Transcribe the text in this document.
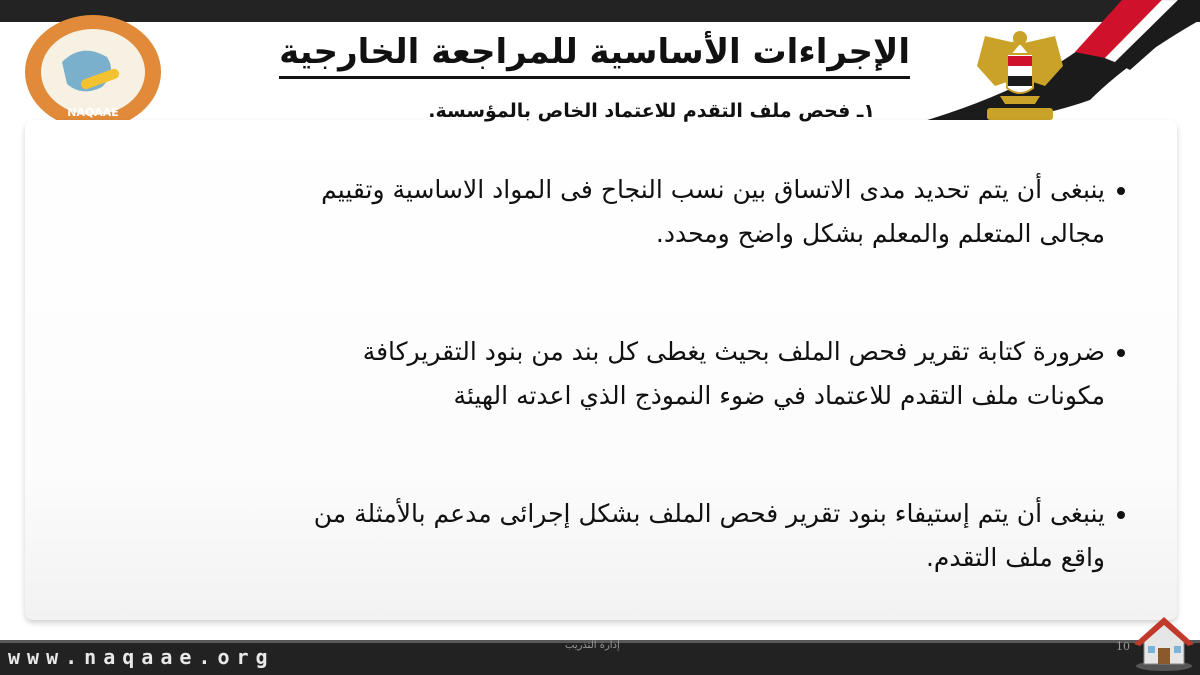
NAQAAE
الإجراءات الأساسية للمراجعة الخارجية
١ـ فحص ملف التقدم للاعتماد الخاص بالمؤسسة.
ينبغى أن يتم تحديد مدى الاتساق بين نسب النجاح فى المواد الاساسية وتقييم
مجالى المتعلم والمعلم بشكل واضح ومحدد.
ضرورة كتابة تقرير فحص الملف بحيث يغطى كل بند من بنود التقريركافة
مكونات ملف التقدم للاعتماد في ضوء النموذج الذي اعدته الهيئة
ينبغى أن يتم إستيفاء بنود تقرير فحص الملف بشكل إجرائى مدعم بالأمثلة من
واقع ملف التقدم.
www.naqaae.org	إدارة التدريب	10
